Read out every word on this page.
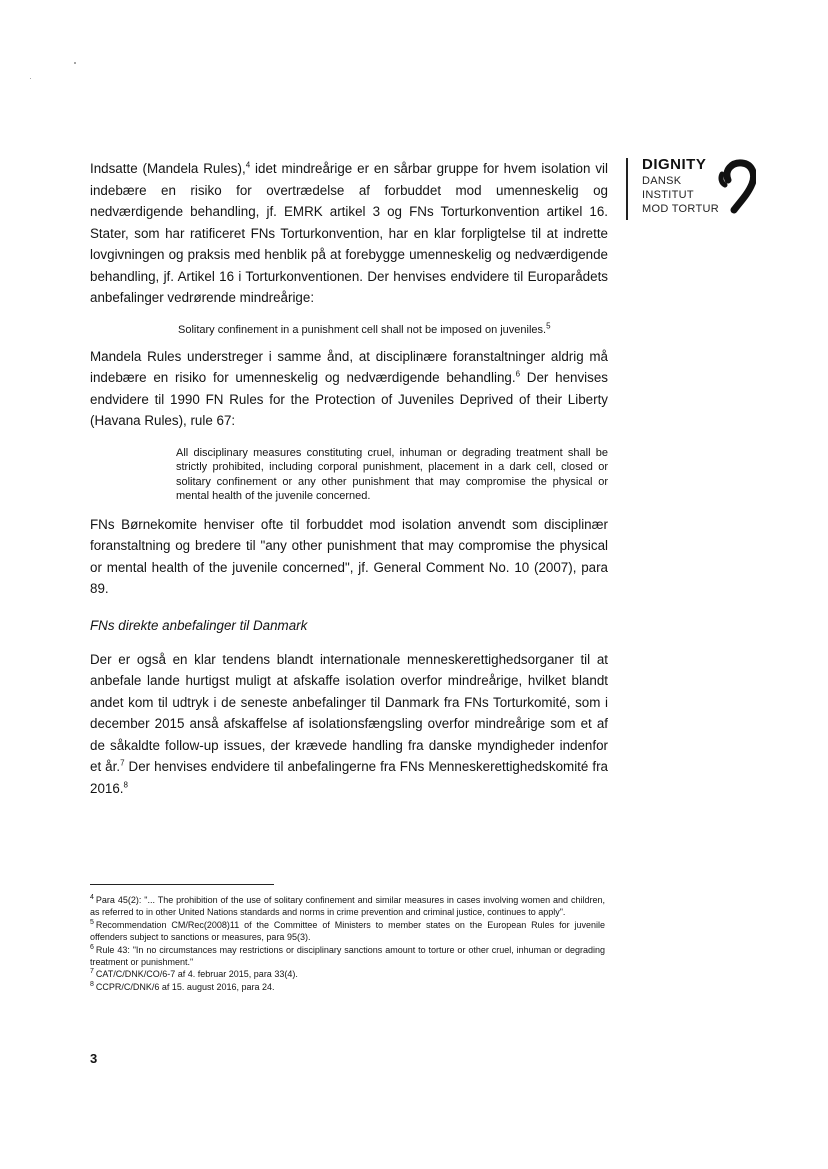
DIGNITY
DANSK
INSTITUT
MOD TORTUR

Indsatte (Mandela Rules),$^4$ idet mindreårige er en sårbar gruppe for hvem isolation vil indebære en risiko for overtrædelse af forbuddet mod umenneskelig og nedværdigende behandling, jf. EMRK artikel 3 og FNs Torturkonvention artikel 16. Stater, som har ratificeret FNs Torturkonvention, har en klar forpligtelse til at indrette lovgivningen og praksis med henblik på at forebygge umenneskelig og nedværdigende behandling, jf. Artikel 16 i Torturkonventionen. Der henvises endvidere til Europarådets anbefalinger vedrørende mindreårige:

Solitary confinement in a punishment cell shall not be imposed on juveniles.$^5$

Mandela Rules understreger i samme ånd, at disciplinære foranstaltninger aldrig må indebære en risiko for umenneskelig og nedværdigende behandling.$^6$ Der henvises endvidere til 1990 FN Rules for the Protection of Juveniles Deprived of their Liberty (Havana Rules), rule 67:

All disciplinary measures constituting cruel, inhuman or degrading treatment shall be strictly prohibited, including corporal punishment, placement in a dark cell, closed or solitary confinement or any other punishment that may compromise the physical or mental health of the juvenile concerned.

FNs Børnekomite henviser ofte til forbuddet mod isolation anvendt som disciplinær foranstaltning og bredere til "any other punishment that may compromise the physical or mental health of the juvenile concerned", jf. General Comment No. 10 (2007), para 89.

FNs direkte anbefalinger til Danmark

Der er også en klar tendens blandt internationale menneskerettighedsorganer til at anbefale lande hurtigst muligt at afskaffe isolation overfor mindreårige, hvilket blandt andet kom til udtryk i de seneste anbefalinger til Danmark fra FNs Torturkomité, som i december 2015 anså afskaffelse af isolationsfængsling overfor mindreårige som et af de såkaldte follow-up issues, der krævede handling fra danske myndigheder indenfor et år.$^7$ Der henvises endvidere til anbefalingerne fra FNs Menneskerettighedskomité fra 2016.$^8$

$^4$ Para 45(2): "... The prohibition of the use of solitary confinement and similar measures in cases involving women and children, as referred to in other United Nations standards and norms in crime prevention and criminal justice, continues to apply".

$^5$ Recommendation CM/Rec(2008)11 of the Committee of Ministers to member states on the European Rules for juvenile offenders subject to sanctions or measures, para 95(3).

$^6$ Rule 43: "In no circumstances may restrictions or disciplinary sanctions amount to torture or other cruel, inhuman or degrading treatment or punishment."

$^7$ CAT/C/DNK/CO/6-7 af 4. februar 2015, para 33(4).

$^8$ CCPR/C/DNK/6 af 15. august 2016, para 24.

3
